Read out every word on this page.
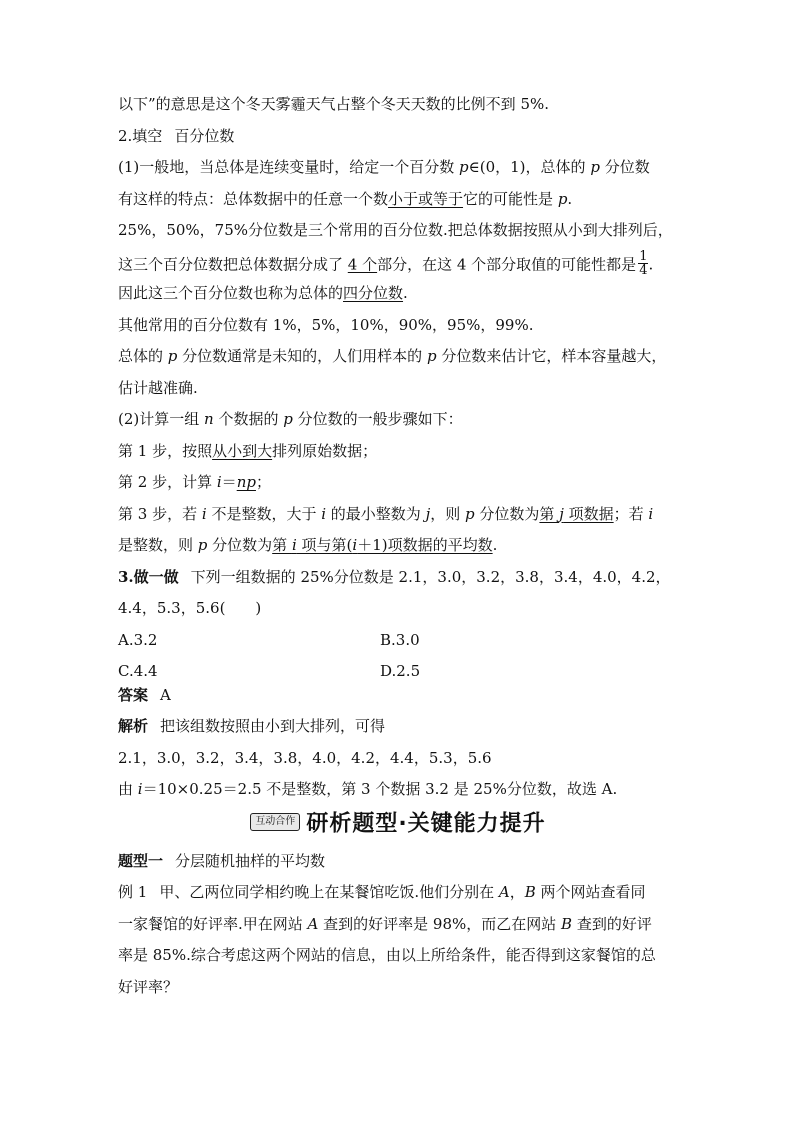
以下”的意思是这个冬天雾霾天气占整个冬天天数的比例不到 5%.
2.填空 百分位数
(1)一般地，当总体是连续变量时，给定一个百分数 p∈(0，1)，总体的 p 分位数
有这样的特点：总体数据中的任意一个数小于或等于它的可能性是 p.
25%，50%，75%分位数是三个常用的百分位数.把总体数据按照从小到大排列后，
这三个百分位数把总体数据分成了 4 个部分，在这 4 个部分取值的可能性都是 $\frac{1}{4}$ .
因此这三个百分位数也称为总体的四分位数.
其他常用的百分位数有 1%，5%，10%，90%，95%，99%.
总体的 p 分位数通常是未知的，人们用样本的 p 分位数来估计它，样本容量越大，
估计越准确.
(2)计算一组 n 个数据的 p 分位数的一般步骤如下：
第 1 步，按照从小到大排列原始数据；
第 2 步，计算 i＝np；
第 3 步，若 i 不是整数，大于 i 的最小整数为 j，则 p 分位数为第 j 项数据；若 i
是整数，则 p 分位数为第 i 项与第(i＋1)项数据的平均数.
3.做一做 下列一组数据的 25%分位数是 2.1，3.0，3.2，3.8，3.4，4.0，4.2，
4.4，5.3，5.6(　　)
A.3.2	B.3.0
C.4.4	D.2.5
答案 A
解析 把该组数按照由小到大排列，可得
2.1，3.0，3.2，3.4，3.8，4.0，4.2，4.4，5.3，5.6
由 i＝10×0.25＝2.5 不是整数，第 3 个数据 3.2 是 25%分位数，故选 A.
互动合作 研析题型·关键能力提升
题型一 分层随机抽样的平均数
例 1 甲、乙两位同学相约晚上在某餐馆吃饭.他们分别在 A，B 两个网站查看同
一家餐馆的好评率.甲在网站 A 查到的好评率是 98%，而乙在网站 B 查到的好评
率是 85%.综合考虑这两个网站的信息，由以上所给条件，能否得到这家餐馆的总
好评率？
